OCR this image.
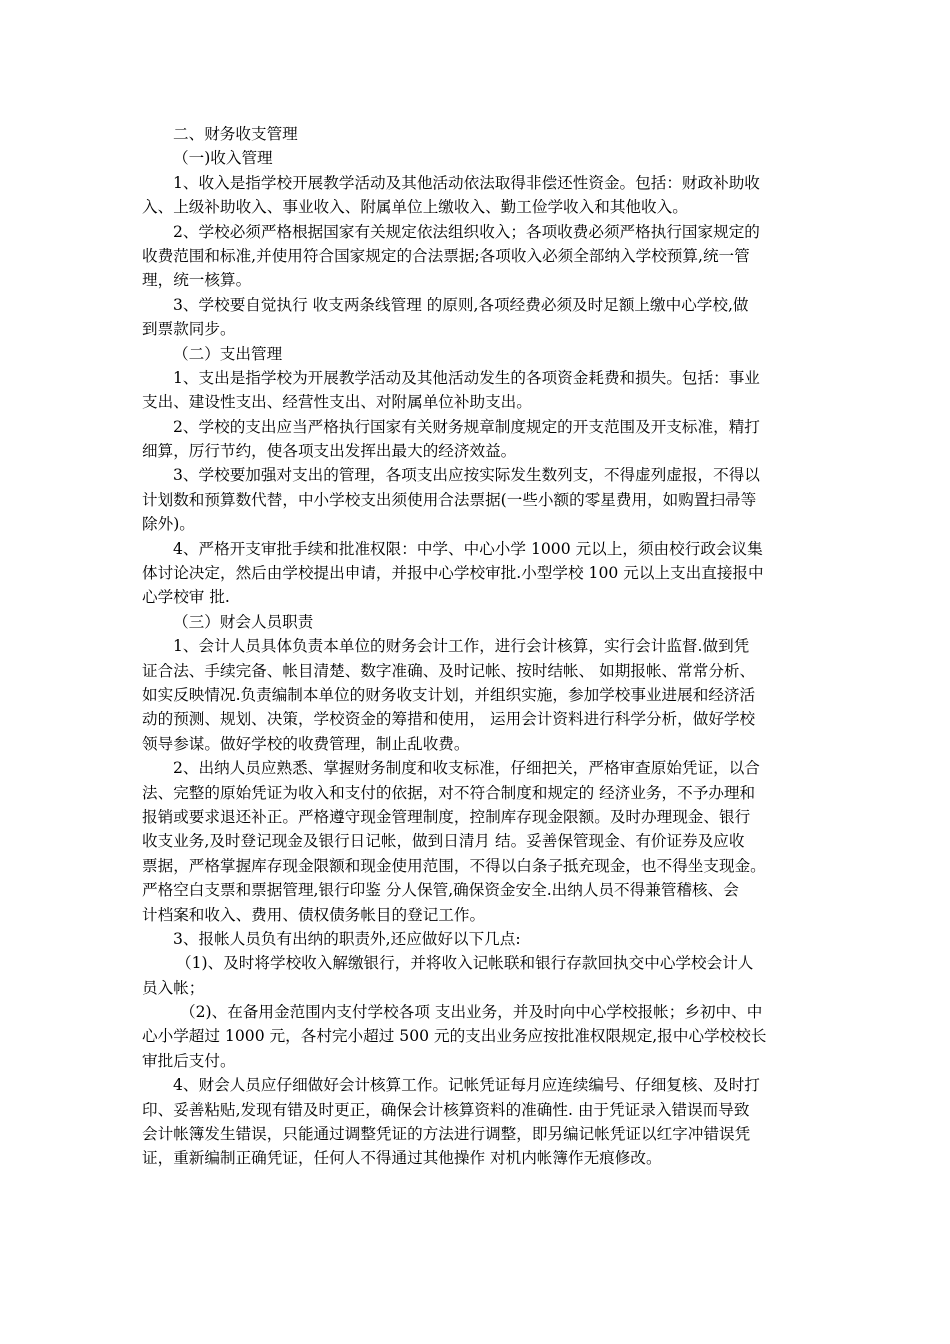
二、财务收支管理
（一)收入管理
1、收入是指学校开展教学活动及其他活动依法取得非偿还性资金。包括：财政补助收
入、上级补助收入、事业收入、附属单位上缴收入、勤工俭学收入和其他收入。
2、学校必须严格根据国家有关规定依法组织收入；各项收费必须严格执行国家规定的
收费范围和标准,并使用符合国家规定的合法票据;各项收入必须全部纳入学校预算,统一管
理，统一核算。
3、学校要自觉执行 收支两条线管理 的原则,各项经费必须及时足额上缴中心学校,做
到票款同步。
（二）支出管理
1、支出是指学校为开展教学活动及其他活动发生的各项资金耗费和损失。包括：事业
支出、建设性支出、经营性支出、对附属单位补助支出。
2、学校的支出应当严格执行国家有关财务规章制度规定的开支范围及开支标准，精打
细算，厉行节约，使各项支出发挥出最大的经济效益。
3、学校要加强对支出的管理，各项支出应按实际发生数列支，不得虚列虚报，不得以
计划数和预算数代替，中小学校支出须使用合法票据(一些小额的零星费用，如购置扫帚等
除外)。
4、严格开支审批手续和批准权限：中学、中心小学 1000 元以上，须由校行政会议集
体讨论决定，然后由学校提出申请，并报中心学校审批.小型学校 100 元以上支出直接报中
心学校审 批.
（三）财会人员职责
1、会计人员具体负责本单位的财务会计工作，进行会计核算，实行会计监督.做到凭
证合法、手续完备、帐目清楚、数字准确、及时记帐、按时结帐、 如期报帐、常常分析、
如实反映情况.负责编制本单位的财务收支计划，并组织实施，参加学校事业进展和经济活
动的预测、规划、决策，学校资金的筹措和使用， 运用会计资料进行科学分析，做好学校
领导参谋。做好学校的收费管理，制止乱收费。
2、出纳人员应熟悉、掌握财务制度和收支标准，仔细把关，严格审查原始凭证，以合
法、完整的原始凭证为收入和支付的依据，对不符合制度和规定的 经济业务，不予办理和
报销或要求退还补正。严格遵守现金管理制度，控制库存现金限额。及时办理现金、银行
收支业务,及时登记现金及银行日记帐，做到日清月 结。妥善保管现金、有价证券及应收
票据，严格掌握库存现金限额和现金使用范围，不得以白条子抵充现金，也不得坐支现金。
严格空白支票和票据管理,银行印鉴 分人保管,确保资金安全.出纳人员不得兼管稽核、会
计档案和收入、费用、债权债务帐目的登记工作。
3、报帐人员负有出纳的职责外,还应做好以下几点:
（1)、及时将学校收入解缴银行，并将收入记帐联和银行存款回执交中心学校会计人
员入帐；
（2)、在备用金范围内支付学校各项 支出业务，并及时向中心学校报帐；乡初中、中
心小学超过 1000 元，各村完小超过 500 元的支出业务应按批准权限规定,报中心学校校长
审批后支付。
4、财会人员应仔细做好会计核算工作。记帐凭证每月应连续编号、仔细复核、及时打
印、妥善粘贴,发现有错及时更正，确保会计核算资料的准确性. 由于凭证录入错误而导致
会计帐簿发生错误，只能通过调整凭证的方法进行调整，即另编记帐凭证以红字冲错误凭
证，重新编制正确凭证，任何人不得通过其他操作 对机内帐簿作无痕修改。
